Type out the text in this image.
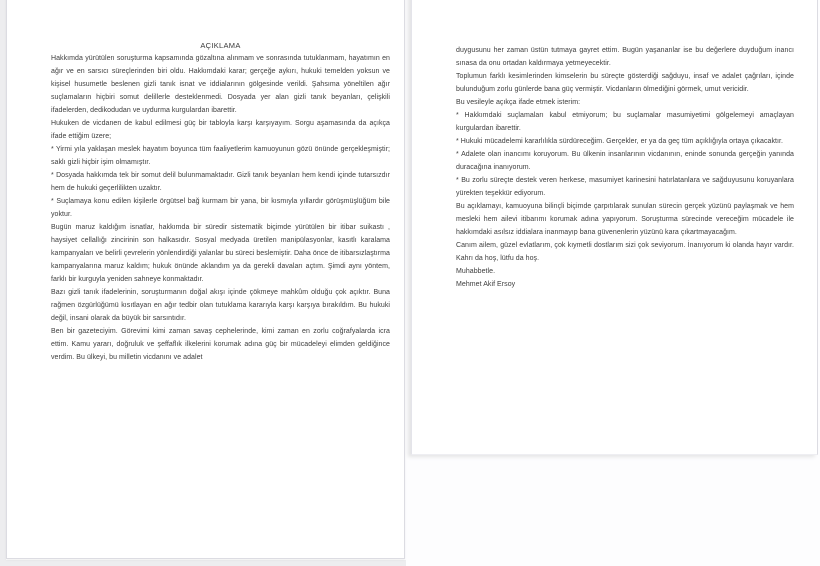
AÇIKLAMA

Hakkımda yürütülen soruşturma kapsamında gözaltına alınmam ve sonrasında tutuklanmam, hayatımın en ağır ve en sarsıcı süreçlerinden biri oldu. Hakkımdaki karar; gerçeğe aykırı, hukuki temelden yoksun ve kişisel husumetle beslenen gizli tanık isnat ve iddialarının gölgesinde verildi. Şahsıma yöneltilen ağır suçlamaların hiçbiri somut delillerle desteklenmedi. Dosyada yer alan gizli tanık beyanları, çelişkili ifadelerden, dedikodudan ve uydurma kurgulardan ibarettir.

Hukuken de vicdanen de kabul edilmesi güç bir tabloyla karşı karşıyayım. Sorgu aşamasında da açıkça ifade ettiğim üzere;

* Yirmi yıla yaklaşan meslek hayatım boyunca tüm faaliyetlerim kamuoyunun gözü önünde gerçekleşmiştir; saklı gizli hiçbir işim olmamıştır.

* Dosyada hakkımda tek bir somut delil bulunmamaktadır. Gizli tanık beyanları hem kendi içinde tutarsızdır hem de hukuki geçerlilikten uzaktır.

* Suçlamaya konu edilen kişilerle örgütsel bağ kurmam bir yana, bir kısmıyla yıllardır görüşmüşlüğüm bile yoktur.

Bugün maruz kaldığım isnatlar, hakkımda bir süredir sistematik biçimde yürütülen bir itibar suikastı , haysiyet cellallığı zincirinin son halkasıdır. Sosyal medyada üretilen manipülasyonlar, kasıtlı karalama kampanyaları ve belirli çevrelerin yönlendirdiği yalanlar bu süreci beslemiştir. Daha önce de itibarsızlaştırma kampanyalarına maruz kaldım; hukuk önünde aklandım ya da gerekli davaları açtım. Şimdi aynı yöntem, farklı bir kurguyla yeniden sahneye konmaktadır.

Bazı gizli tanık ifadelerinin, soruşturmanın doğal akışı içinde çökmeye mahkûm olduğu çok açıktır. Buna rağmen özgürlüğümü kısıtlayan en ağır tedbir olan tutuklama kararıyla karşı karşıya bırakıldım. Bu hukuki değil, insani olarak da büyük bir sarsıntıdır.

Ben bir gazeteciyim. Görevimi kimi zaman savaş cephelerinde, kimi zaman en zorlu coğrafyalarda icra ettim. Kamu yararı, doğruluk ve şeffaflık ilkelerini korumak adına güç bir mücadeleyi elimden geldiğince verdim. Bu ülkeyi, bu milletin vicdanını ve adalet

duygusunu her zaman üstün tutmaya gayret ettim. Bugün yaşananlar ise bu değerlere duyduğum inancı sınasa da onu ortadan kaldırmaya yetmeyecektir.

Toplumun farklı kesimlerinden kimselerin bu süreçte gösterdiği sağduyu, insaf ve adalet çağrıları, içinde bulunduğum zorlu günlerde bana güç vermiştir. Vicdanların ölmediğini görmek, umut vericidir.

Bu vesileyle açıkça ifade etmek isterim:

* Hakkımdaki suçlamaları kabul etmiyorum; bu suçlamalar masumiyetimi gölgelemeyi amaçlayan kurgulardan ibarettir.

* Hukuki mücadelemi kararlılıkla sürdüreceğim. Gerçekler, er ya da geç tüm açıklığıyla ortaya çıkacaktır.

* Adalete olan inancımı koruyorum. Bu ülkenin insanlarının vicdanının, eninde sonunda gerçeğin yanında duracağına inanıyorum.

* Bu zorlu süreçte destek veren herkese, masumiyet karinesini hatırlatanlara ve sağduyusunu koruyanlara yürekten teşekkür ediyorum.

Bu açıklamayı, kamuoyuna bilinçli biçimde çarpıtılarak sunulan sürecin gerçek yüzünü paylaşmak ve hem mesleki hem ailevi itibarımı korumak adına yapıyorum. Soruşturma sürecinde vereceğim mücadele ile hakkımdaki asılsız iddialara inanmayıp bana güvenenlerin yüzünü kara çıkartmayacağım.

Canım ailem, güzel evlatlarım, çok kıymetli dostlarım sizi çok seviyorum. İnanıyorum ki olanda hayır vardır. Kahrı da hoş, lütfu da hoş.

Muhabbetle.

Mehmet Akif Ersoy
